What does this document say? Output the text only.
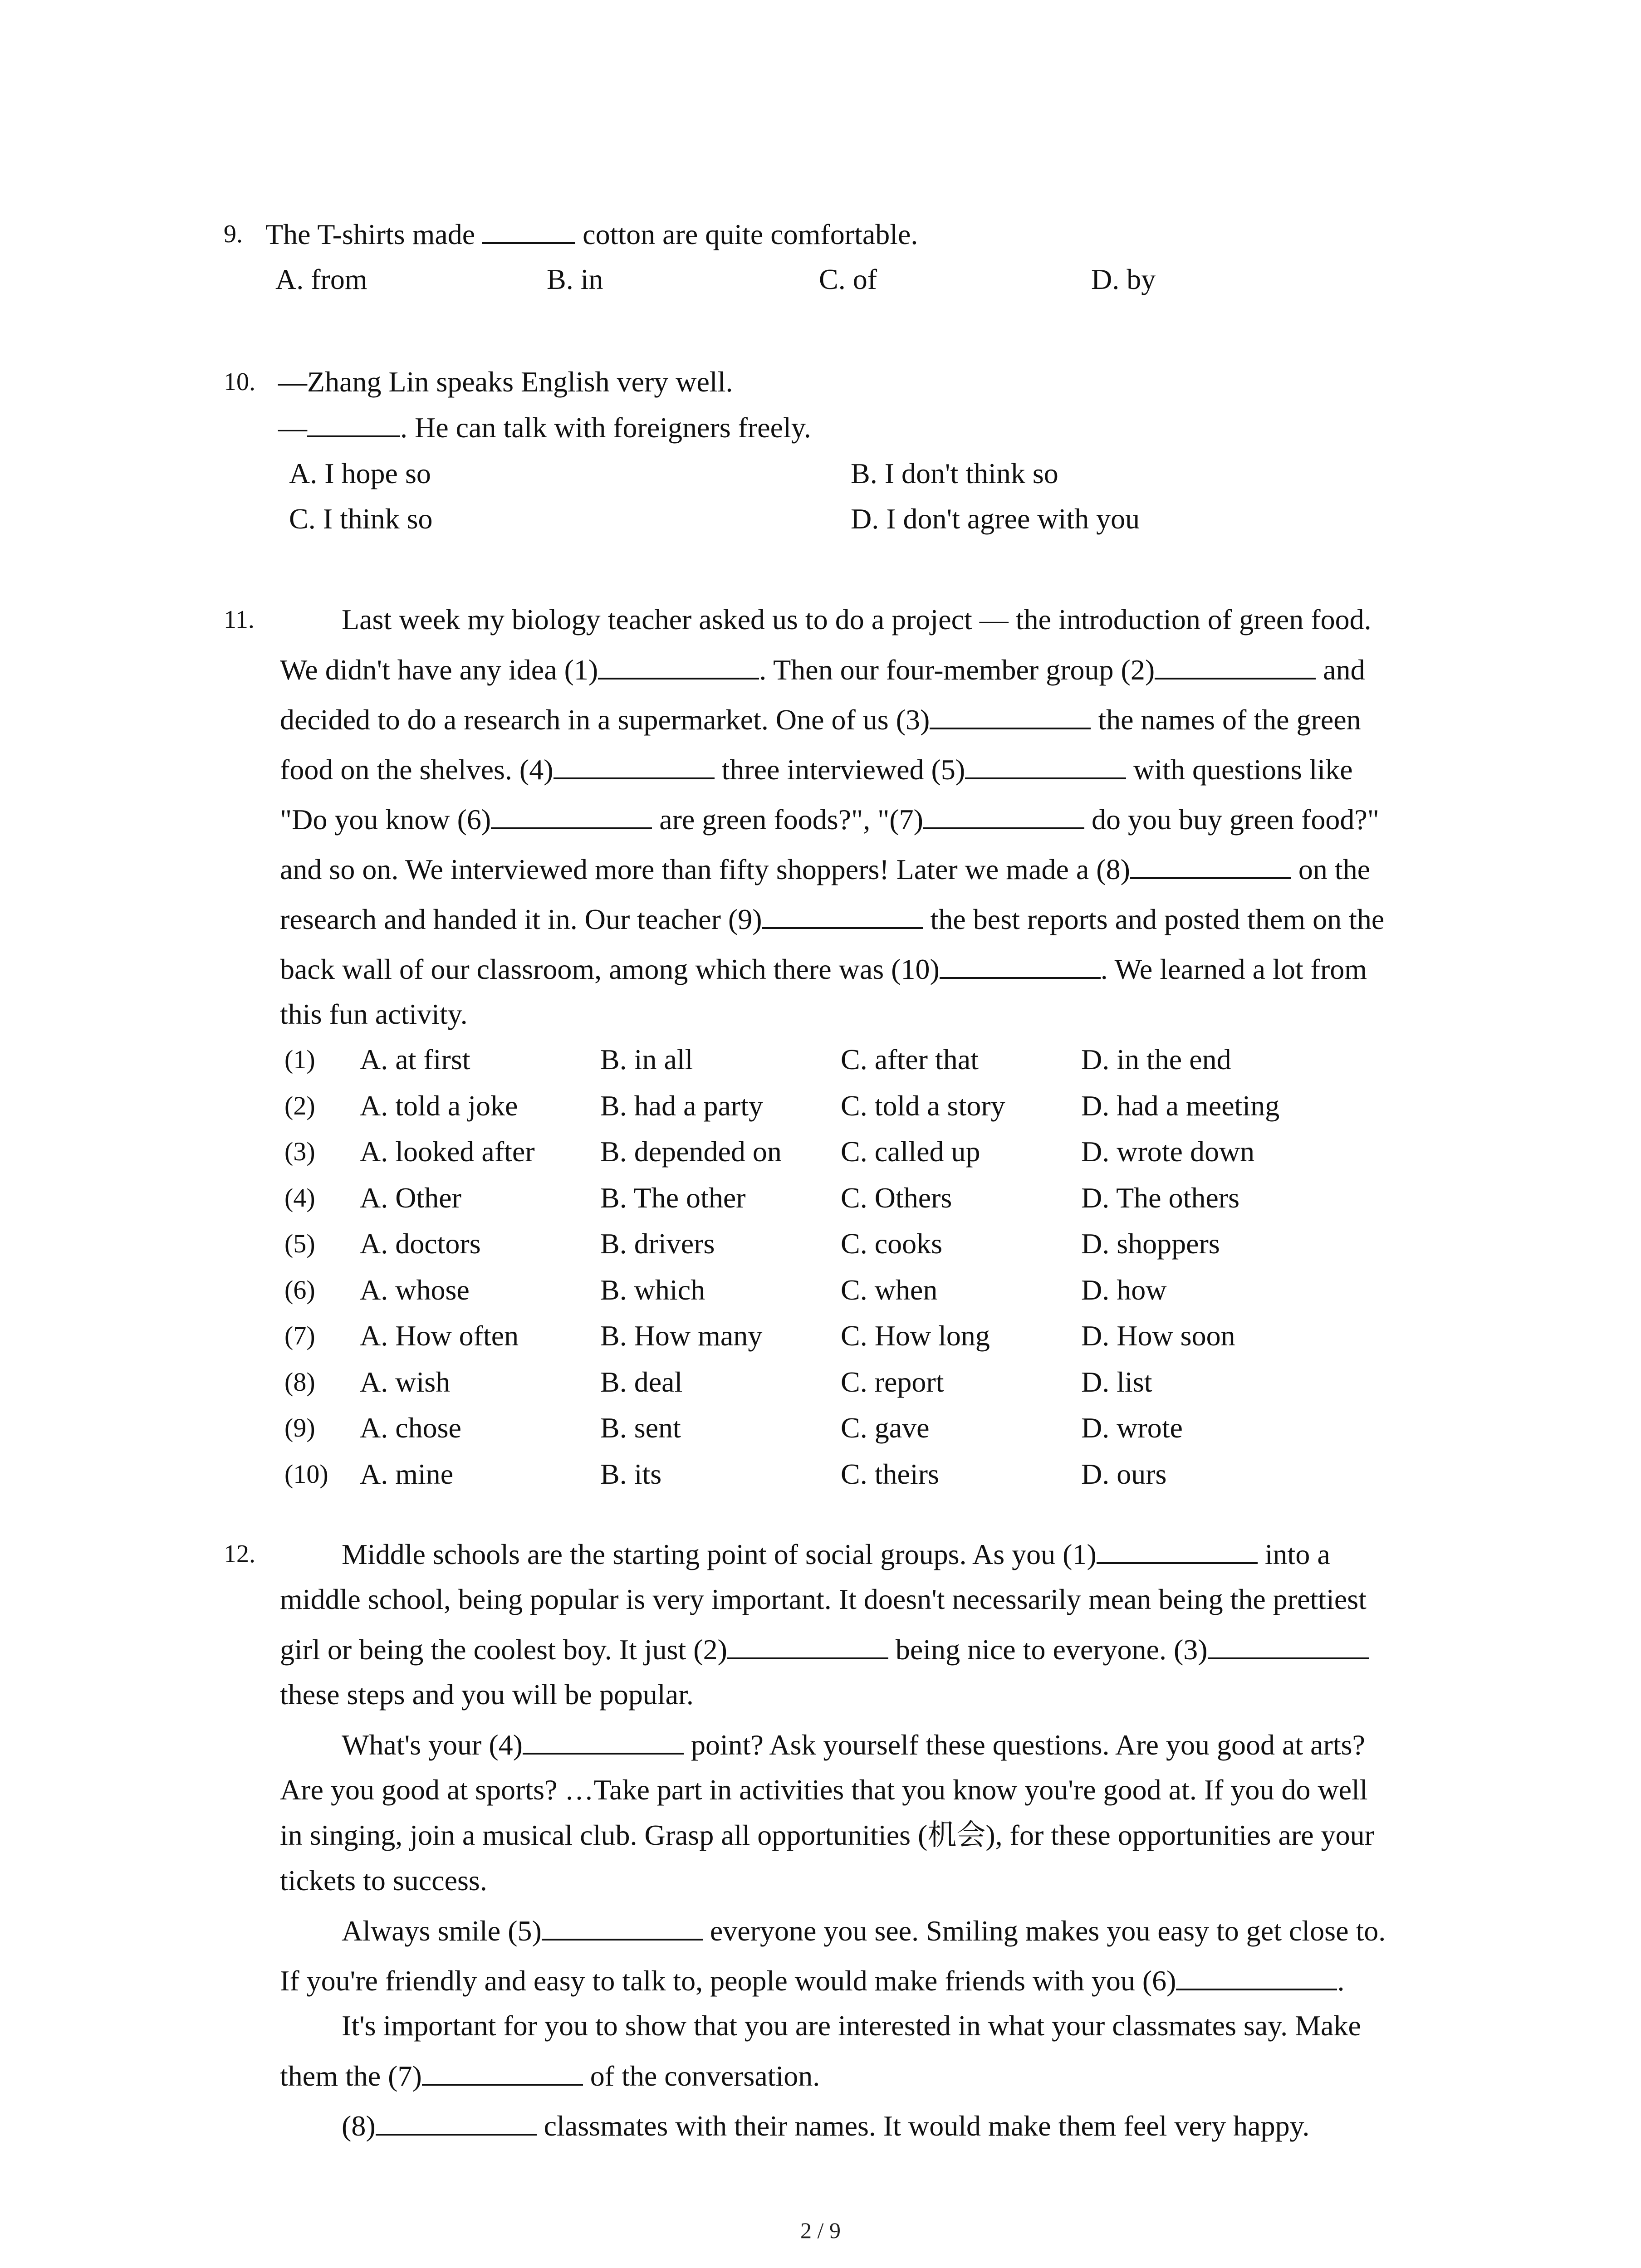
9. The T-shirts made	cotton are quite comfortable.
A. from	B. in	C. of	D. by
10. —Zhang Lin speaks English very well.
—	. He can talk with foreigners freely.
A. I hope so	B. I don't think so
C. I think so	D. I don't agree with you
11.	Last week my biology teacher asked us to do a project — the introduction of green food.
We didn't have any idea (1)	. Then our four-member group (2)	and
decided to do a research in a supermarket. One of us (3)	the names of the green
food on the shelves. (4)	three interviewed (5)	with questions like
"Do you know (6)	are green foods?", "(7)	do you buy green food?"
and so on. We interviewed more than fifty shoppers! Later we made a (8)	on the
research and handed it in. Our teacher (9)	the best reports and posted them on the
back wall of our classroom, among which there was (10)	. We learned a lot from
this fun activity.
(1) A. at first	B. in all	C. after that	D. in the end
(2) A. told a joke	B. had a party	C. told a story	D. had a meeting
(3) A. looked after B. depended on C. called up	D. wrote down
(4) A. Other	B. The other	C. Others	D. The others
(5) A. doctors	B. drivers	C. cooks	D. shoppers
(6) A. whose	B. which	C. when	D. how
(7) A. How often	B. How many	C. How long	D. How soon
(8) A. wish	B. deal	C. report	D. list
(9) A. chose	B. sent	C. gave	D. wrote
(10) A. mine	B. its	C. theirs	D. ours
12.	Middle schools are the starting point of social groups. As you (1)	into a
middle school, being popular is very important. It doesn't necessarily mean being the prettiest
girl or being the coolest boy. It just (2)	being nice to everyone. (3)
these steps and you will be popular.
What's your (4)	point? Ask yourself these questions. Are you good at arts?
Are you good at sports? …Take part in activities that you know you're good at. If you do well
in singing, join a musical club. Grasp all opportunities (机会), for these opportunities are your
tickets to success.
Always smile (5)	everyone you see. Smiling makes you easy to get close to.
If you're friendly and easy to talk to, people would make friends with you (6)	.
It's important for you to show that you are interested in what your classmates say. Make
them the (7)	of the conversation.
(8)	classmates with their names. It would make them feel very happy.
2 / 9
